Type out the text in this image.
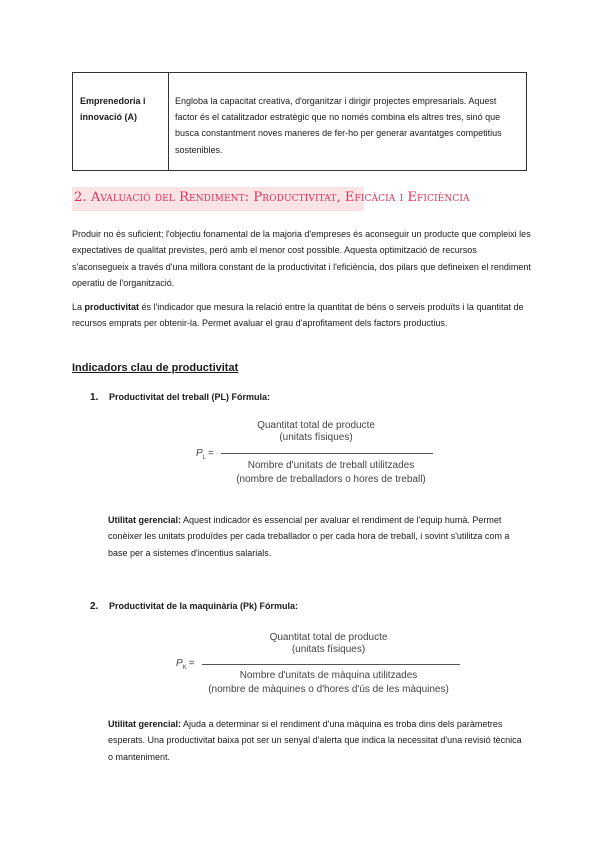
Emprenedoria i innovació (A)
Engloba la capacitat creativa, d'organitzar i dirigir projectes empresarials. Aquest factor és el catalitzador estratègic que no només combina els altres tres, sinó que busca constantment noves maneres de fer-ho per generar avantatges competitius sostenibles.
2. Avaluació del Rendiment: Productivitat, Eficàcia i Eficiència
Produir no és suficient; l'objectiu fonamental de la majoria d'empreses és aconseguir un producte que compleixi les expectatives de qualitat previstes, però amb el menor cost possible. Aquesta optimització de recursos s'aconsegueix a través d'una millora constant de la productivitat i l'eficiència, dos pilars que defineixen el rendiment operatiu de l'organització.
La productivitat és l'indicador que mesura la relació entre la quantitat de béns o serveis produïts i la quantitat de recursos emprats per obtenir-la. Permet avaluar el grau d'aprofitament dels factors productius.
Indicadors clau de productivitat
1. Productivitat del treball (PL) Fórmula:
Quantitat total de producte
(unitats físiques)
$P_L$ =
Nombre d'unitats de treball utilitzades
(nombre de treballadors o hores de treball)
Utilitat gerencial: Aquest indicador és essencial per avaluar el rendiment de l'equip humà. Permet conèixer les unitats produïdes per cada treballador o per cada hora de treball, i sovint s'utilitza com a base per a sistemes d'incentius salarials.
2. Productivitat de la maquinària (Pk) Fórmula:
Quantitat total de producte
(unitats físiques)
$P_K$ =
Nombre d'unitats de màquina utilitzades
(nombre de màquines o d'hores d'ús de les màquines)
Utilitat gerencial: Ajuda a determinar si el rendiment d'una màquina es troba dins dels paràmetres esperats. Una productivitat baixa pot ser un senyal d'alerta que indica la necessitat d'una revisió tècnica o manteniment.
